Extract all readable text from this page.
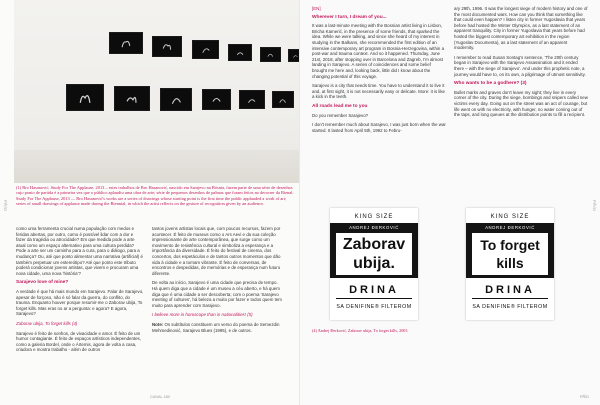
PŘÍD
(1) Bro Hasanović, Study For The Applause, 2013 – estes trabalhos de Bro Hasanović, nascido em Sarajevo na Bósnia, fazem parte de uma série de desenhos cujo ponto de partida é a primeira vez que o público aplaudiu uma obra de arte; série de pequenos desenhos de palmas que foram feitos no decorrer da Bienal. Study For The Applause, 2013 — Bro Hasanović's works are a series of drawings whose starting point is the first time the public applauded a work of art; series of small drawings of applause made during the Biennial, in which the artist reflects on the gesture of recognition given by an audience.

como uma ferramenta crucial numa população com medos e feridas abertas, por outro, como é possível lidar com a dor e fazer da tragédia ou atrocidade? Em que medida pode a arte atual como um espaço alternativo para uma cultura perdida? Pode a arte ser um caminho para a cura, para o diálogo, para a mudança? Ou, até que ponto alimentar uma narrativa (artificial) é também perpetuar um estereótipo? Até que ponto este tributo poderá condicionar jovens artistas, que vivem e procuram uma nova cidade, uma nova 'história'?

Sarajevo love of mine?

A verdade é que há mais mundo em Sarajevo. Falar de Sarajevo, apesar de forçoso, não é só falar da guerra, do conflito, do trauma. Enquanto houver porque resumir-me o Zaborav ubija, To forget kills. Mas eras no ar a pergunta: e agora? E agora, Sarajevo?

Zaborav ubija, To forget kills (4)

Sarajevo é feito de sonhos, de vivacidade e amor. É feito de um humor contagiante. É feito de espaços artísticos independentes, como a galeria Bordel, onde o Ártemis, agora de volta a casa, criadora e mostra trabalho - além de outros

tantos jovens artistas locais que, com poucos recursos, fazem por acontecer. É feito de museus como o Ars Aevi e da sua coleção impressionante de arte contemporânea, que surge como um movimento de resistência cultural e simboliza a esperança e a importância da diversidade. É feito do festival de cinema, dos concertos, dos espetáculos e de tantos outros momentos que dão vida à cidade e a tornam vibrante. É feito de conversas, de encontros e despedidas, de memórias e de esperança num futuro diferente.

De volta ao início, Sarajevo é uma cidade que precisa de tempo. Há quem diga que a cidade é um museu a céu aberto, e há quem diga que é uma cidade a ser descoberta; com o poema 'Sarajevo meeting of cultures', há beleza a muito por fazer e todos quem tem muito para aprender com Sarajevo.

I believe more in horoscope than in nationalities! (5)

Note: Os subtítulos constituem um verso do poema de Semezdin Mehmedinović, Sarajevo Blues (1995), e de outros.

CANAL 180
PŘÍD
[EN]
Wherever I turn, I dream of you...

It was a last-minute meeting with the Bosnian artist living in Lisbon, Bricha Kamerić, in the presence of some friends, that sparked the idea. While we were talking, and since she heard of my interest in studying in the Balkans, she recommended the first edition of an intensive contemporary art program in Bosnia-Herzegovina, within a post-war and trauma context. And so it happened. Thursday, June 21st, 2018, after stopping over in Barcelona and Zagreb, I'm almost landing in Sarajevo. A series of coincidences and some belief brought me here and, looking back, little did I know about the changing potential of this voyage.

Sarajevo is a city that needs time. You have to understand it to live it and, at first sight, it is not necessarily easy or delicate. More: it is like a kick in the teeth.

All roads lead me to you

Do you remember Sarajevo?

I don't remember much about Sarajevo, I was just born when the war started. It lasted from April 5th, 1992 to Febru-

ary 29th, 1996. It was the longest siege of modern history and one of the most documented wars. How can you think that something like that could even happen? I listen city in former Yugoslavia that years before had hosted the Winter Olympics, as a last statement of an apparent tranquility. City in former Yugoslavia that years before had hosted the biggest contemporary art exhibition in the region (Yugoslav Documenta), as a last statement of an apparent modernity.

I remember to read Susan Sontag's sentence, 'The 20th century began in Sarajevo with the Sarajevo Assassination and it ended there – with the siege of Sarajevo'. And under this prophetic note, a journey would have to, on its own, a pilgrimage of utmost sensitivity.

Who wants to be a godhere? (3)

Bullet marks and graves don't leave my sight; they live in every corner of the city. During the siege, bombings and snipers called new victims every day. Going out on the street was an act of courage, but life went on with no electricity, with hunger, no water coming out of the taps, and long queues at the distribution points to fill a recipient.

KING SIZE
ANDREJ ĐERKOVIĆ
Zaborav
ubija.
DRINA
SA DENIFINE® FILTEROM
KING SIZE
ANDREJ ĐERKOVIĆ
To forget
kills
DRINA
SA DENIFINE® FILTEROM
PŘÍD
(4) Andrej Đerković, Zaborav ubija, To forget kills, 2003
